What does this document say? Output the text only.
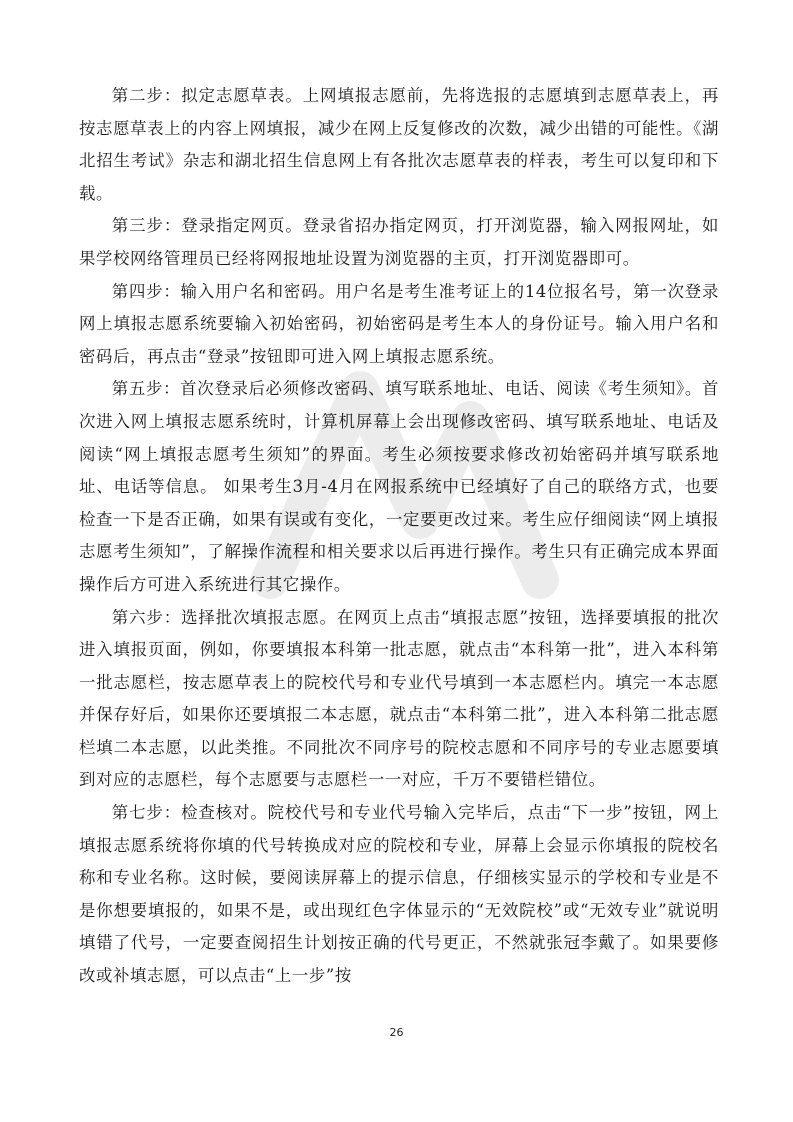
第二步：拟定志愿草表。上网填报志愿前，先将选报的志愿填到志愿草表上，再按志愿草表上的内容上网填报，减少在网上反复修改的次数，减少出错的可能性。《湖北招生考试》杂志和湖北招生信息网上有各批次志愿草表的样表，考生可以复印和下载。

第三步：登录指定网页。登录省招办指定网页，打开浏览器，输入网报网址，如果学校网络管理员已经将网报地址设置为浏览器的主页，打开浏览器即可。

第四步：输入用户名和密码。用户名是考生准考证上的14位报名号，第一次登录网上填报志愿系统要输入初始密码，初始密码是考生本人的身份证号。输入用户名和密码后，再点击“登录”按钮即可进入网上填报志愿系统。

第五步：首次登录后必须修改密码、填写联系地址、电话、阅读《考生须知》。首次进入网上填报志愿系统时，计算机屏幕上会出现修改密码、填写联系地址、电话及阅读“网上填报志愿考生须知”的界面。考生必须按要求修改初始密码并填写联系地址、电话等信息。 如果考生3月-4月在网报系统中已经填好了自己的联络方式，也要检查一下是否正确，如果有误或有变化，一定要更改过来。考生应仔细阅读“网上填报志愿考生须知”，了解操作流程和相关要求以后再进行操作。考生只有正确完成本界面操作后方可进入系统进行其它操作。

第六步：选择批次填报志愿。在网页上点击“填报志愿”按钮，选择要填报的批次进入填报页面，例如，你要填报本科第一批志愿，就点击“本科第一批”，进入本科第一批志愿栏，按志愿草表上的院校代号和专业代号填到一本志愿栏内。填完一本志愿并保存好后，如果你还要填报二本志愿，就点击“本科第二批”，进入本科第二批志愿栏填二本志愿，以此类推。不同批次不同序号的院校志愿和不同序号的专业志愿要填到对应的志愿栏，每个志愿要与志愿栏一一对应，千万不要错栏错位。

第七步：检查核对。院校代号和专业代号输入完毕后，点击“下一步”按钮，网上填报志愿系统将你填的代号转换成对应的院校和专业，屏幕上会显示你填报的院校名称和专业名称。这时候，要阅读屏幕上的提示信息，仔细核实显示的学校和专业是不是你想要填报的，如果不是，或出现红色字体显示的“无效院校”或“无效专业”就说明填错了代号，一定要查阅招生计划按正确的代号更正，不然就张冠李戴了。如果要修改或补填志愿，可以点击“上一步”按

26
